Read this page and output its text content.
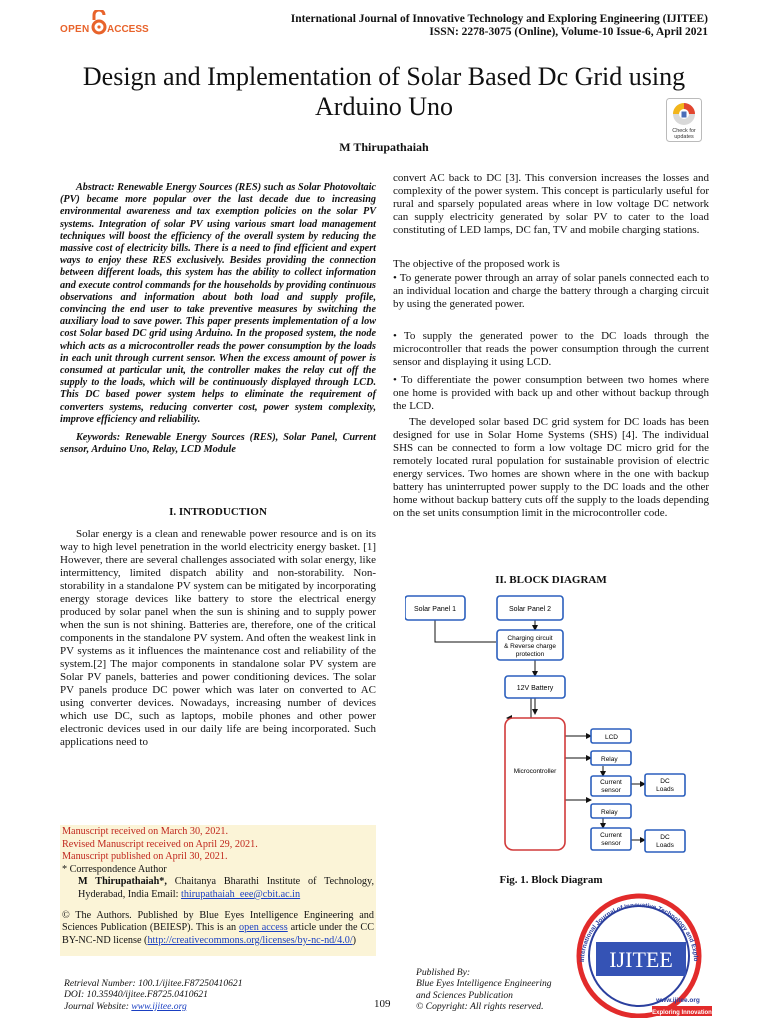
OPEN ACCESS
International Journal of Innovative Technology and Exploring Engineering (IJITEE)
ISSN: 2278-3075 (Online), Volume-10 Issue-6, April 2021
Design and Implementation of Solar Based Dc Grid using Arduino Uno
Check for updates
M Thirupathaiah

Abstract: Renewable Energy Sources (RES) such as Solar Photovoltaic (PV) became more popular over the last decade due to increasing environmental awareness and tax exemption policies on the solar PV systems. Integration of solar PV using various smart load management techniques will boost the efficiency of the overall system by reducing the massive cost of electricity bills. There is a need to find efficient and expert ways to enjoy these RES exclusively. Besides providing the connection between different loads, this system has the ability to collect information and execute control commands for the households by providing continuous observations and information about both load and supply profile, convincing the end user to take preventive measures by switching the auxiliary load to save power. This paper presents implementation of a low cost Solar based DC grid using Arduino. In the proposed system, the node which acts as a microcontroller reads the power consumption by the loads in each unit through current sensor. When the excess amount of power is consumed at particular unit, the controller makes the relay cut off the supply to the loads, which will be continuously displayed through LCD. This DC based power system helps to eliminate the requirement of converters systems, reducing converter cost, power system complexity, improve efficiency and reliability.

Keywords: Renewable Energy Sources (RES), Solar Panel, Current sensor, Arduino Uno, Relay, LCD Module

I. INTRODUCTION

Solar energy is a clean and renewable power resource and is on its way to high level penetration in the world electricity energy basket. [1] However, there are several challenges associated with solar energy, like intermittency, limited dispatch ability and non-storability. Non-storability in a standalone PV system can be mitigated by incorporating energy storage devices like battery to store the electrical energy produced by solar panel when the sun is shining and to supply power when the sun is not shining. Batteries are, therefore, one of the critical components in the standalone PV system. And often the weakest link in PV systems as it influences the maintenance cost and reliability of the system.[2] The major components in standalone solar PV system are Solar PV panels, batteries and power conditioning devices. The solar PV panels produce DC power which was later on converted to AC using converter devices. Nowadays, increasing number of devices which use DC, such as laptops, mobile phones and other power electronic devices used in our daily life are being incorporated. Such applications need to

Manuscript received on March 30, 2021.
Revised Manuscript received on April 29, 2021.
Manuscript published on April 30, 2021.
* Correspondence Author
M Thirupathaiah*, Chaitanya Bharathi Institute of Technology, Hyderabad, India Email: thirupathaiah_eee@cbit.ac.in
© The Authors. Published by Blue Eyes Intelligence Engineering and Sciences Publication (BEIESP). This is an open access article under the CC BY-NC-ND license (http://creativecommons.org/licenses/by-nc-nd/4.0/)
Retrieval Number: 100.1/ijitee.F87250410621
DOI: 10.35940/ijitee.F8725.0410621
Journal Website: www.ijitee.org	109

convert AC back to DC [3]. This conversion increases the losses and complexity of the power system. This concept is particularly useful for rural and sparsely populated areas where in low voltage DC network can supply electricity generated by solar PV to cater to the load constituting of LED lamps, DC fan, TV and mobile charging stations.

The objective of the proposed work is

• To generate power through an array of solar panels connected each to an individual location and charge the battery through a charging circuit by using the generated power.

• To supply the generated power to the DC loads through the microcontroller that reads the power consumption through the current sensor and displaying it using LCD.

• To differentiate the power consumption between two homes where one home is provided with back up and other without backup through the LCD.

The developed solar based DC grid system for DC loads has been designed for use in Solar Home Systems (SHS) [4]. The individual SHS can be connected to form a low voltage DC micro grid for the remotely located rural population for sustainable provision of electric energy services. Two homes are shown where in the one with backup battery has uninterrupted power supply to the DC loads and the other home without backup battery cuts off the supply to the loads depending on the set units consumption limit in the microcontroller code.

II. BLOCK DIAGRAM
Solar Panel 1	Solar Panel 2
Charging circuit
& Reverse charge
protection
12V Battery
Microcontroller
LCD
Relay
Current
sensor
DC
Loads
Relay
Current
sensor
DC
Loads
Fig. 1. Block Diagram
Published By:
Blue Eyes Intelligence Engineering
and Sciences Publication
© Copyright: All rights reserved.
International Journal of Innovative Technology and Explo
IJITEE
www.ijitee.org
Exploring Innovation
